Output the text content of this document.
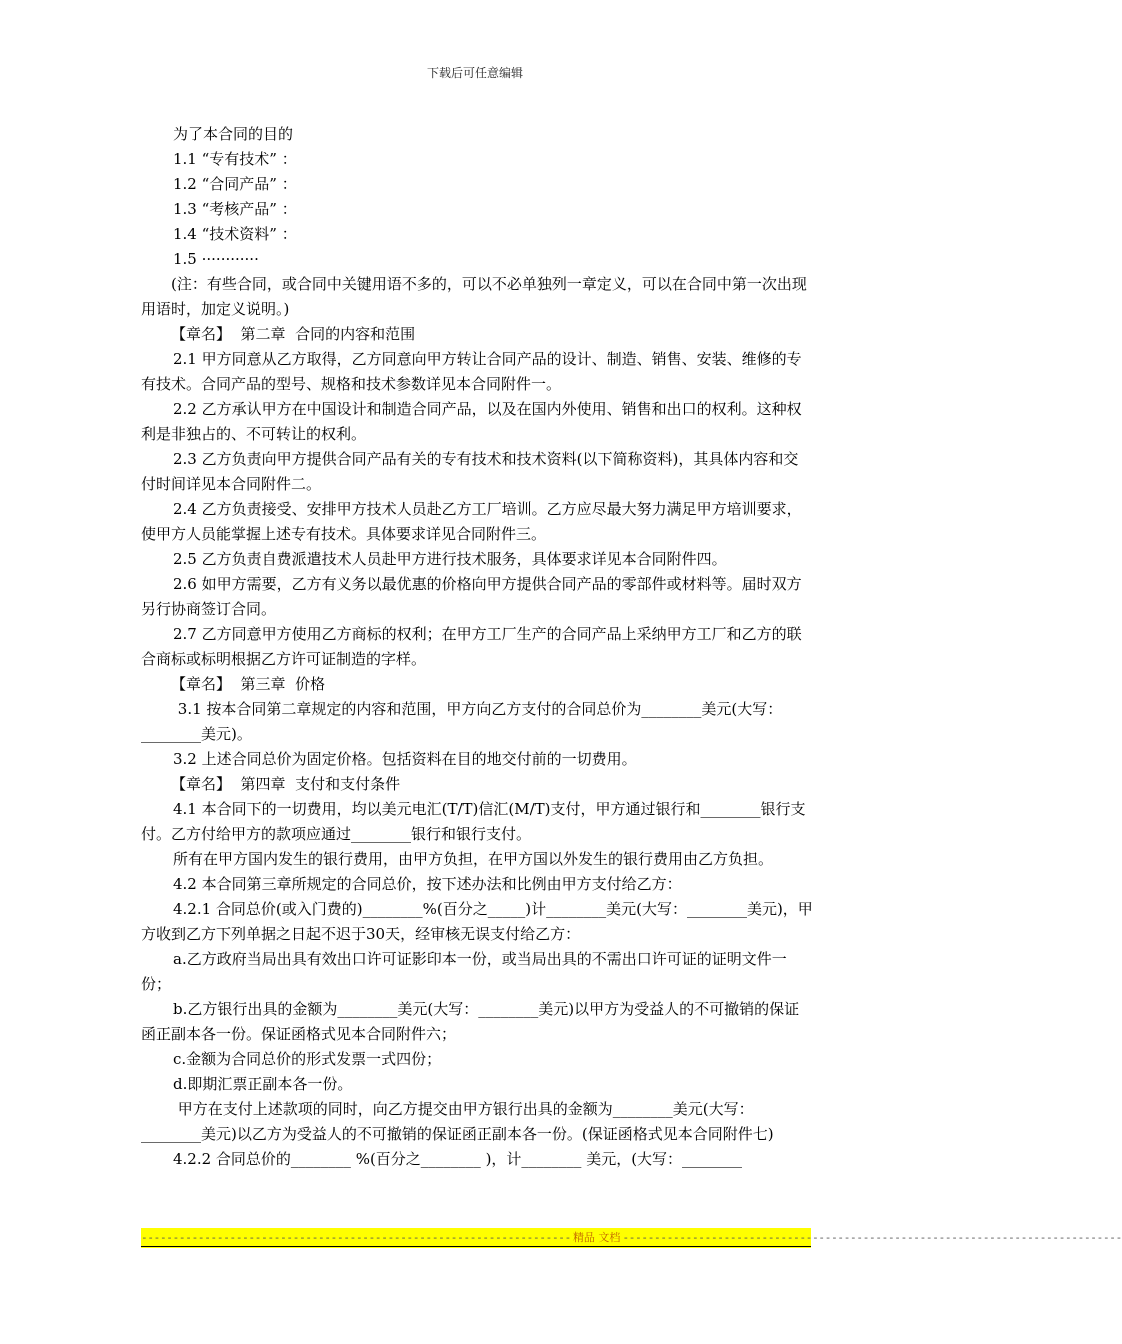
下载后可任意编辑

为了本合同的目的

1.1 “专有技术” ：

1.2 “合同产品” ：

1.3 “考核产品” ：

1.4 “技术资料” ：

1.5 ············

(注：有些合同，或合同中关键用语不多的，可以不必单独列一章定义，可以在合同中第一次出现用语时，加定义说明。)

【章名】  第二章  合同的内容和范围

2.1 甲方同意从乙方取得，乙方同意向甲方转让合同产品的设计、制造、销售、安装、维修的专有技术。合同产品的型号、规格和技术参数详见本合同附件一。

2.2 乙方承认甲方在中国设计和制造合同产品，以及在国内外使用、销售和出口的权利。这种权利是非独占的、不可转让的权利。

2.3 乙方负责向甲方提供合同产品有关的专有技术和技术资料(以下简称资料)，其具体内容和交付时间详见本合同附件二。

2.4 乙方负责接受、安排甲方技术人员赴乙方工厂培训。乙方应尽最大努力满足甲方培训要求，使甲方人员能掌握上述专有技术。具体要求详见合同附件三。

2.5 乙方负责自费派遣技术人员赴甲方进行技术服务，具体要求详见本合同附件四。

2.6 如甲方需要，乙方有义务以最优惠的价格向甲方提供合同产品的零部件或材料等。届时双方另行协商签订合同。

2.7 乙方同意甲方使用乙方商标的权利；在甲方工厂生产的合同产品上采纳甲方工厂和乙方的联合商标或标明根据乙方许可证制造的字样。

【章名】  第三章  价格

3.1 按本合同第二章规定的内容和范围，甲方向乙方支付的合同总价为________美元(大写：________美元)。

3.2 上述合同总价为固定价格。包括资料在目的地交付前的一切费用。

【章名】  第四章  支付和支付条件

4.1 本合同下的一切费用，均以美元电汇(T/T)信汇(M/T)支付，甲方通过银行和________银行支付。乙方付给甲方的款项应通过________银行和银行支付。

所有在甲方国内发生的银行费用，由甲方负担，在甲方国以外发生的银行费用由乙方负担。

4.2 本合同第三章所规定的合同总价，按下述办法和比例由甲方支付给乙方：

4.2.1 合同总价(或入门费的)________%(百分之_____)计________美元(大写：________美元)，甲方收到乙方下列单据之日起不迟于30天，经审核无误支付给乙方：

a.乙方政府当局出具有效出口许可证影印本一份，或当局出具的不需出口许可证的证明文件一份；

b.乙方银行出具的金额为________美元(大写：________美元)以甲方为受益人的不可撤销的保证函正副本各一份。保证函格式见本合同附件六；

c.金额为合同总价的形式发票一式四份；

d.即期汇票正副本各一份。

甲方在支付上述款项的同时，向乙方提交由甲方银行出具的金额为________美元(大写：________美元)以乙方为受益人的不可撤销的保证函正副本各一份。(保证函格式见本合同附件七)

4.2.2 合同总价的________ %(百分之________ )，计________ 美元，(大写：________

-------------------------------------------------------------------- 精品 文档 -------------------------------------------------------------------------------
